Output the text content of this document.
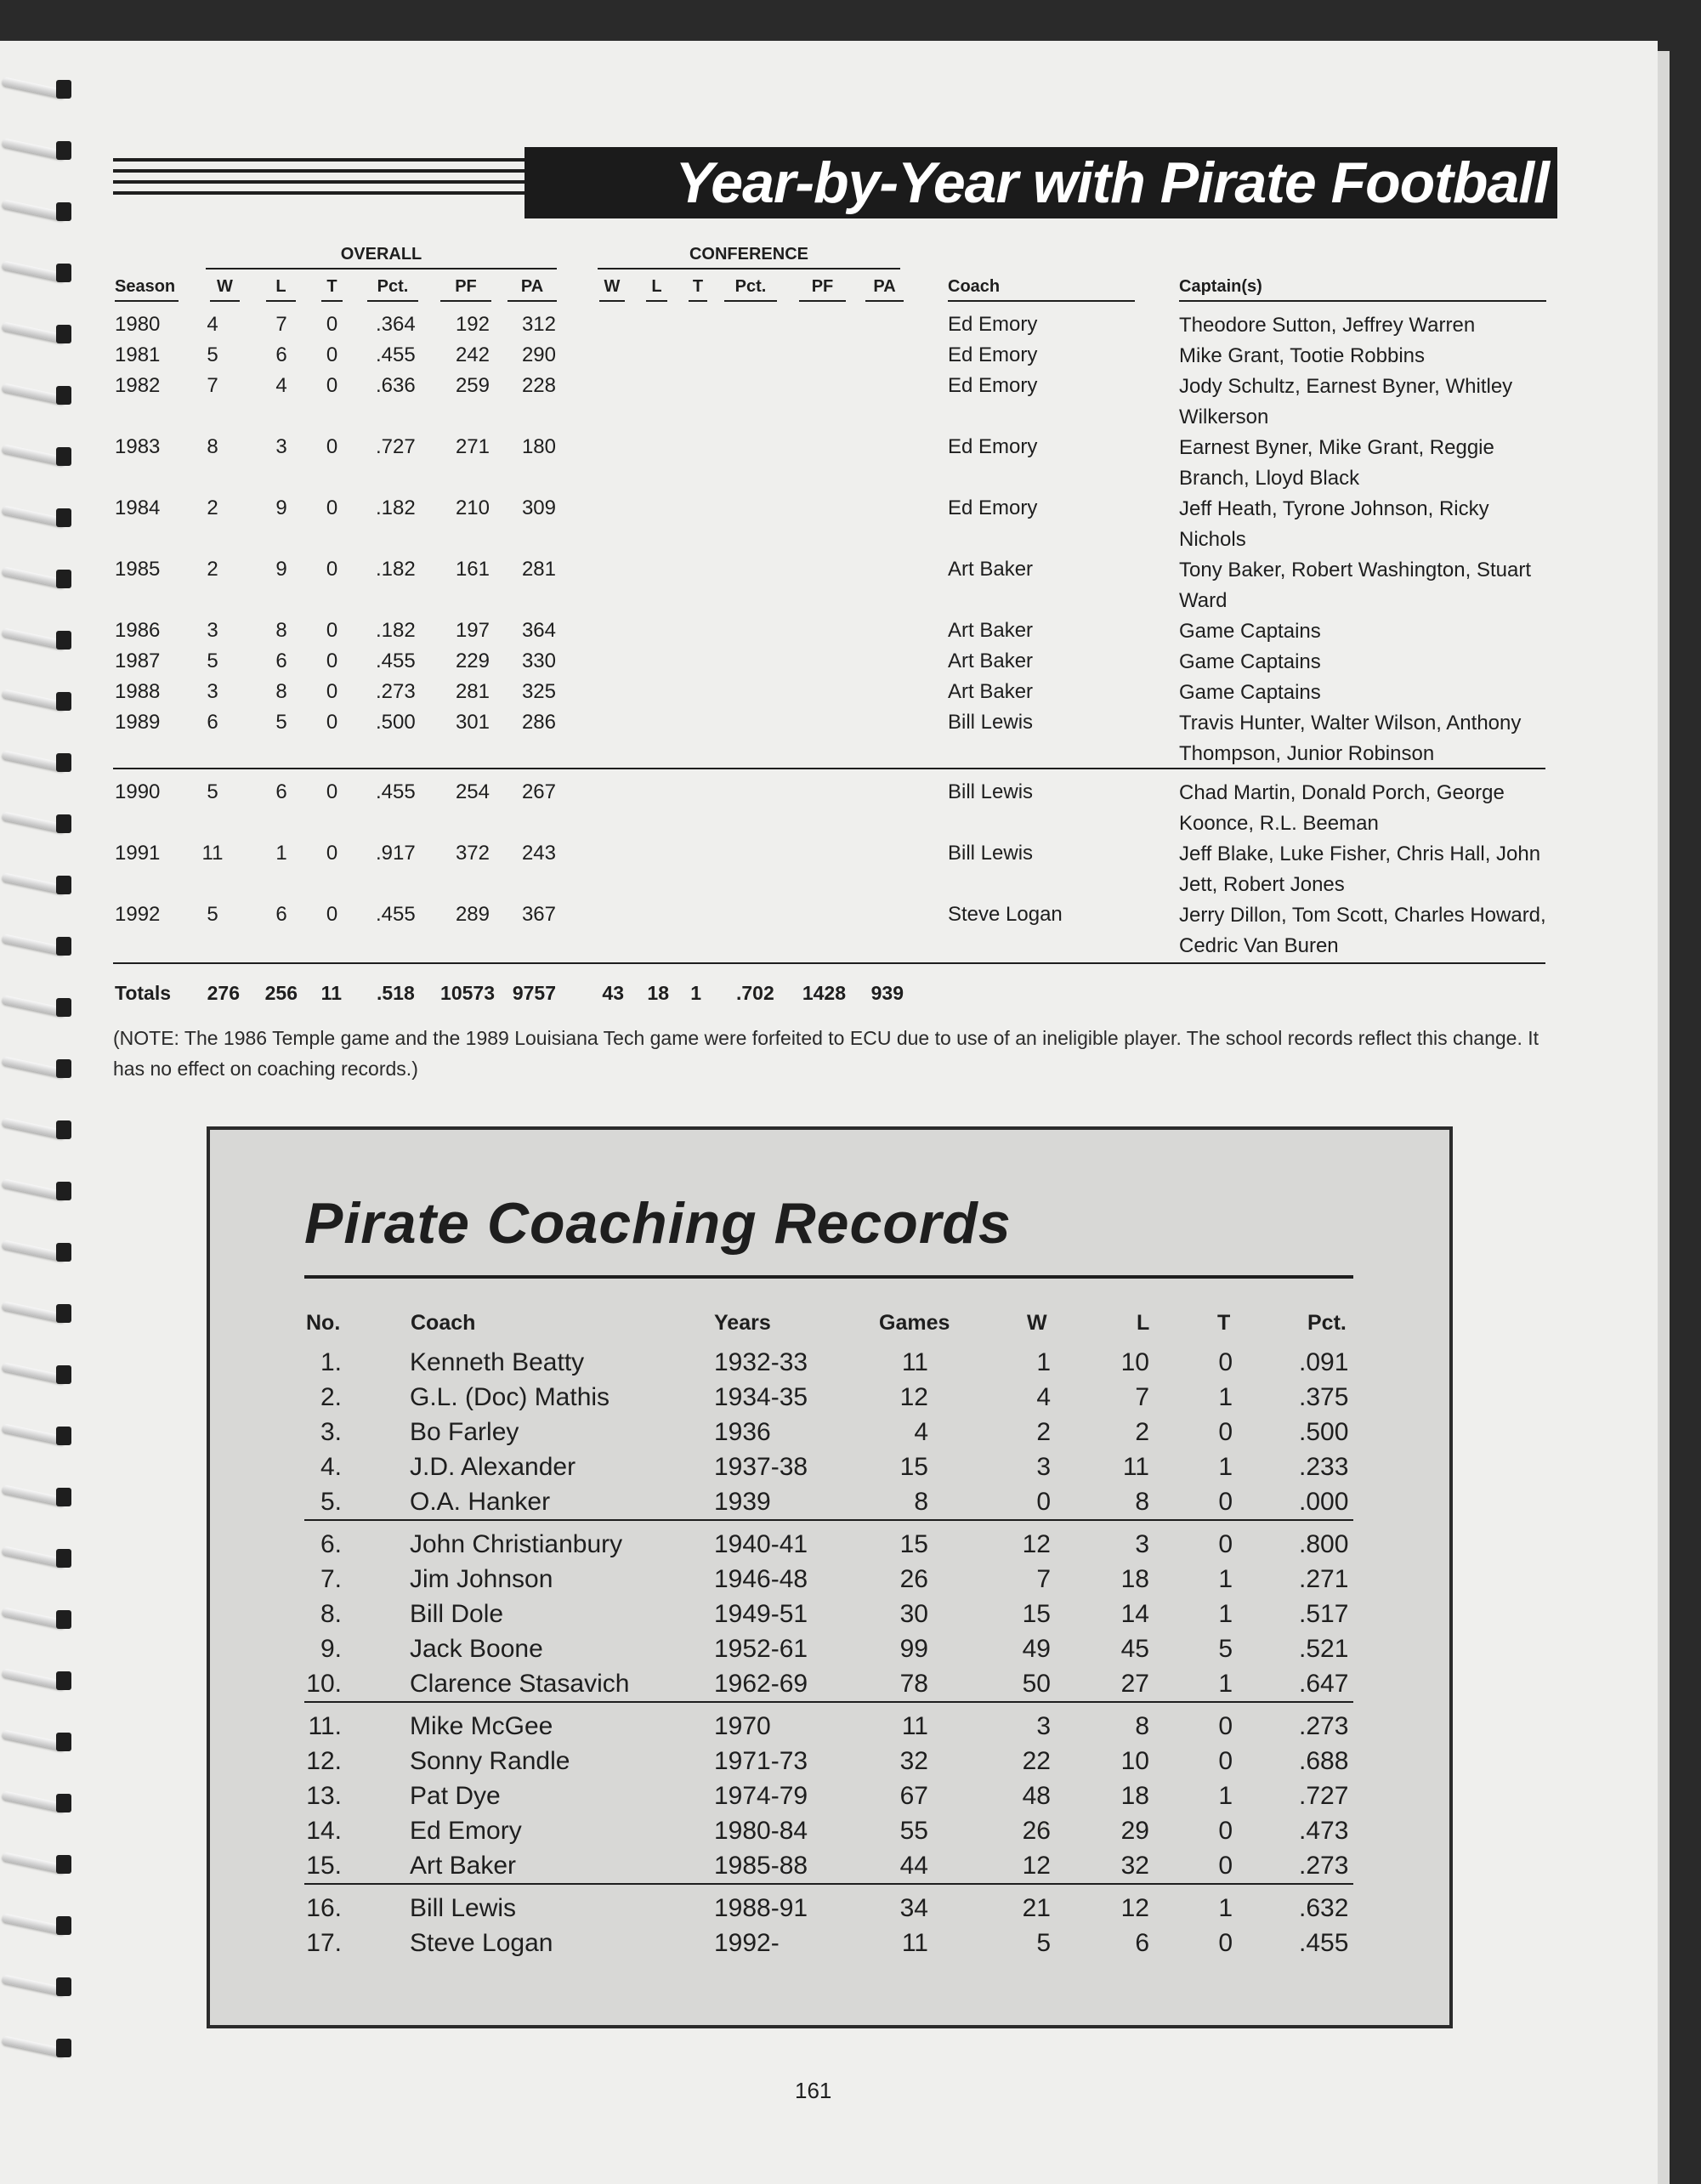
Year-by-Year with Pirate Football
OVERALL	CONFERENCE
Season	W	L	T	Pct.	PF	PA	W	L	T	Pct.	PF	PA	Coach	Captain(s)
1980	4	7	0 .364	192	312	Ed Emory	Theodore Sutton, Jeffrey Warren
1981	5	6	0 .455	242	290	Ed Emory	Mike Grant, Tootie Robbins
1982	7	4	0 .636	259	228	Ed Emory	Jody Schultz, Earnest Byner, Whitley Wilkerson
1983	8	3	0 .727	271	180	Ed Emory	Earnest Byner, Mike Grant, Reggie Branch, Lloyd Black
1984	2	9	0 .182	210	309	Ed Emory	Jeff Heath, Tyrone Johnson, Ricky Nichols
1985	2	9	0 .182	161	281	Art Baker	Tony Baker, Robert Washington, Stuart Ward
1986	3	8	0 .182	197	364	Art Baker	Game Captains
1987	5	6	0 .455	229	330	Art Baker	Game Captains
1988	3	8	0 .273	281	325	Art Baker	Game Captains
1989	6	5	0 .500	301	286	Bill Lewis	Travis Hunter, Walter Wilson, Anthony Thompson, Junior Robinson
1990	5	6	0 .455	254	267	Bill Lewis	Chad Martin, Donald Porch, George Koonce, R.L. Beeman
1991	11	1	0 .917	372	243	Bill Lewis	Jeff Blake, Luke Fisher, Chris Hall, John Jett, Robert Jones
1992	5	6	0 .455	289	367	Steve Logan	Jerry Dillon, Tom Scott, Charles Howard, Cedric Van Buren
Totals	276	256	11 .518	10573 9757	43	18	1 .702	1428	939
(NOTE: The 1986 Temple game and the 1989 Louisiana Tech game were forfeited to ECU due to use of an ineligible player. The school records reflect this change. It has no effect on coaching records.)
Pirate Coaching Records
No.	Coach	Years	Games	W	L	T	Pct.
1.	Kenneth Beatty	1932-33	11	1	10	0	.091
2.	G.L. (Doc) Mathis	1934-35	12	4	7	1	.375
3.	Bo Farley	1936	4	2	2	0	.500
4.	J.D. Alexander	1937-38	15	3	11	1	.233
5.	O.A. Hanker	1939	8	0	8	0	.000
6.	John Christianbury	1940-41	15	12	3	0	.800
7.	Jim Johnson	1946-48	26	7	18	1	.271
8.	Bill Dole	1949-51	30	15	14	1	.517
9.	Jack Boone	1952-61	99	49	45	5	.521
10.	Clarence Stasavich	1962-69	78	50	27	1	.647
11.	Mike McGee	1970	11	3	8	0	.273
12.	Sonny Randle	1971-73	32	22	10	0	.688
13.	Pat Dye	1974-79	67	48	18	1	.727
14.	Ed Emory	1980-84	55	26	29	0	.473
15.	Art Baker	1985-88	44	12	32	0	.273
16.	Bill Lewis	1988-91	34	21	12	1	.632
17.	Steve Logan	1992-	11	5	6	0	.455
161
